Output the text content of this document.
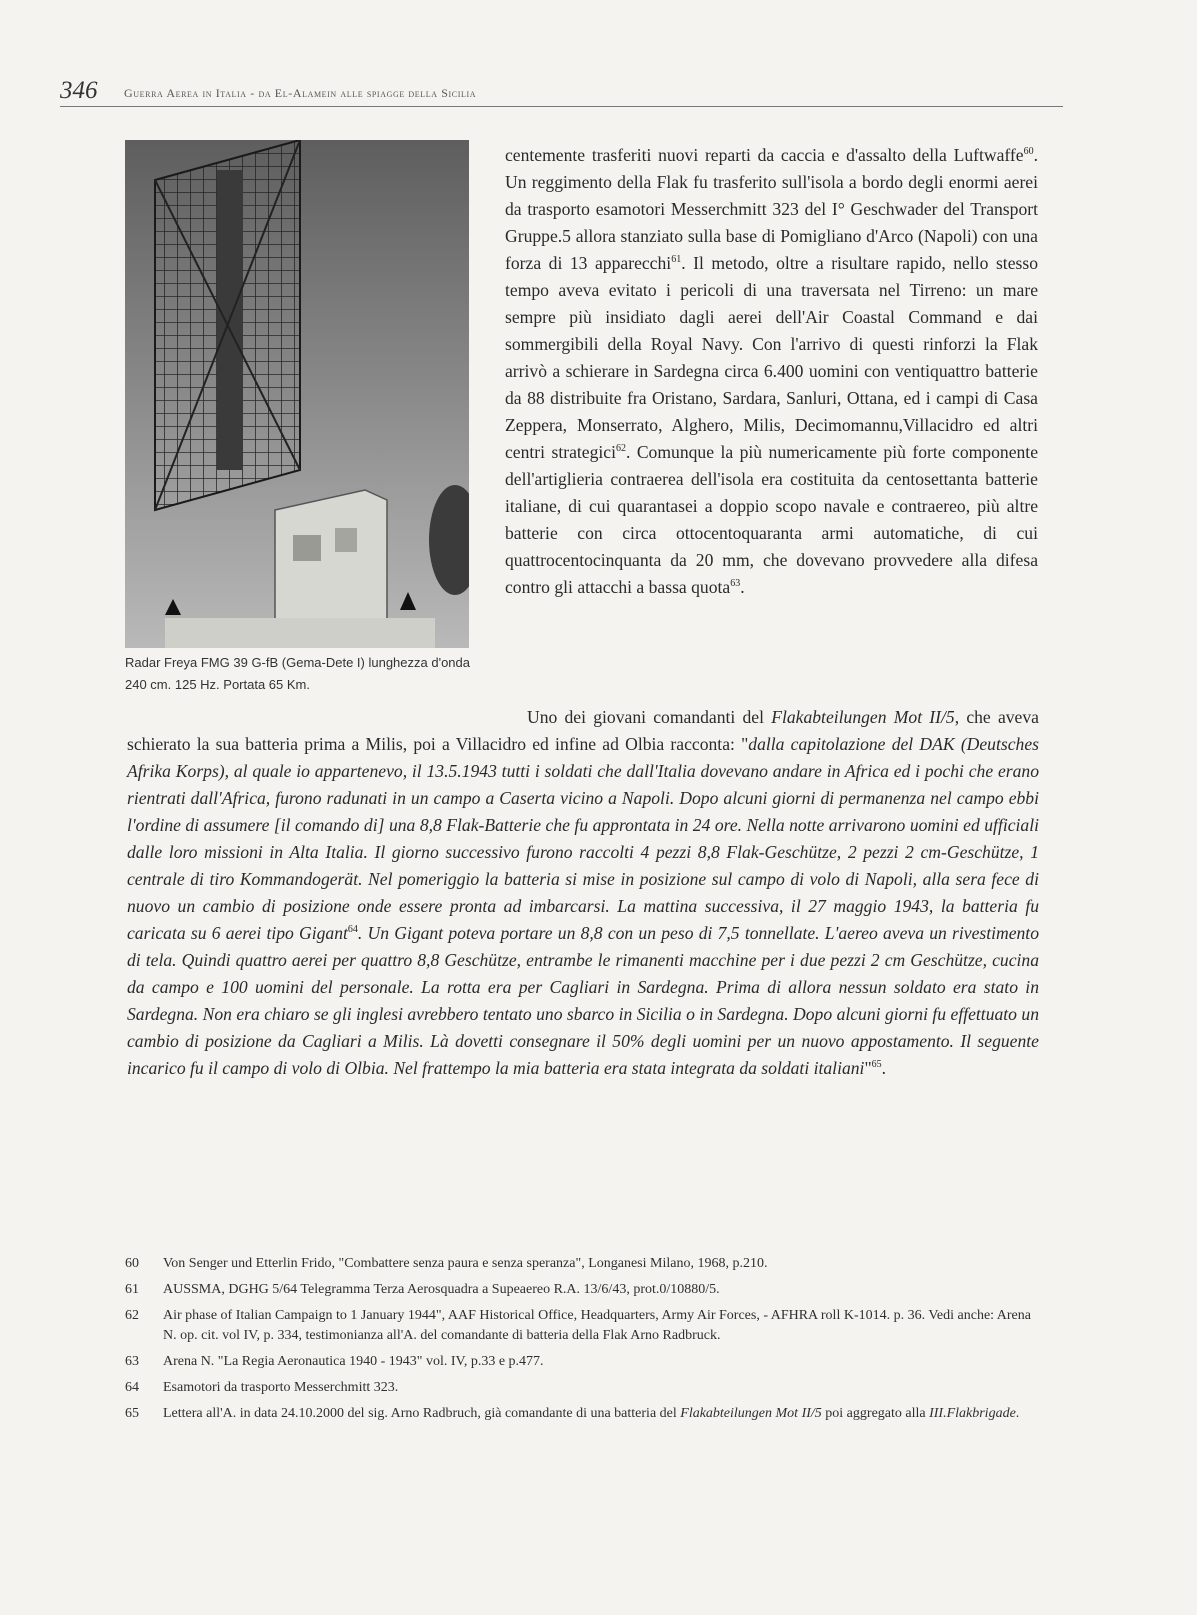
346 Guerra Aerea in Italia - da El-Alamein alle spiagge della Sicilia
Radar Freya FMG 39 G-fB (Gema-Dete I) lunghezza d'onda 240 cm. 125 Hz. Portata 65 Km.

centemente trasferiti nuovi reparti da caccia e d'assalto della Luftwaffe$^{60}$. Un reggimento della Flak fu trasferito sull'isola a bordo degli enormi aerei da trasporto esamotori Messerchmitt 323 del I° Geschwader del Transport Gruppe.5 allora stanziato sulla base di Pomigliano d'Arco (Napoli) con una forza di 13 apparecchi$^{61}$. Il metodo, oltre a risultare rapido, nello stesso tempo aveva evitato i pericoli di una traversata nel Tirreno: un mare sempre più insidiato dagli aerei dell'Air Coastal Command e dai sommergibili della Royal Navy. Con l'arrivo di questi rinforzi la Flak arrivò a schierare in Sardegna circa 6.400 uomini con ventiquattro batterie da 88 distribuite fra Oristano, Sardara, Sanluri, Ottana, ed i campi di Casa Zeppera, Monserrato, Alghero, Milis, Decimomannu,Villacidro ed altri centri strategici$^{62}$. Comunque la più numericamente più forte componente dell'artiglieria contraerea dell'isola era costituita da centosettanta batterie italiane, di cui quarantasei a doppio scopo navale e contraereo, più altre batterie con circa ottocentoquaranta armi automatiche, di cui quattrocentocinquanta da 20 mm, che dovevano provvedere alla difesa contro gli attacchi a bassa quota$^{63}$.

Uno dei giovani comandanti del Flakabteilungen Mot II/5, che aveva schierato la sua batteria prima a Milis, poi a Villacidro ed infine ad Olbia racconta: "dalla capitolazione del DAK (Deutsches Afrika Korps), al quale io appartenevo, il 13.5.1943 tutti i soldati che dall'Italia dovevano andare in Africa ed i pochi che erano rientrati dall'Africa, furono radunati in un campo a Caserta vicino a Napoli. Dopo alcuni giorni di permanenza nel campo ebbi l'ordine di assumere [il comando di] una 8,8 Flak-Batterie che fu approntata in 24 ore. Nella notte arrivarono uomini ed ufficiali dalle loro missioni in Alta Italia. Il giorno successivo furono raccolti 4 pezzi 8,8 Flak-Geschütze, 2 pezzi 2 cm-Geschütze, 1 centrale di tiro Kommandogerät. Nel pomeriggio la batteria si mise in posizione sul campo di volo di Napoli, alla sera fece di nuovo un cambio di posizione onde essere pronta ad imbarcarsi. La mattina successiva, il 27 maggio 1943, la batteria fu caricata su 6 aerei tipo Gigant$^{64}$. Un Gigant poteva portare un 8,8 con un peso di 7,5 tonnellate. L'aereo aveva un rivestimento di tela. Quindi quattro aerei per quattro 8,8 Geschütze, entrambe le rimanenti macchine per i due pezzi 2 cm Geschütze, cucina da campo e 100 uomini del personale. La rotta era per Cagliari in Sardegna. Prima di allora nessun soldato era stato in Sardegna. Non era chiaro se gli inglesi avrebbero tentato uno sbarco in Sicilia o in Sardegna. Dopo alcuni giorni fu effettuato un cambio di posizione da Cagliari a Milis. Là dovetti consegnare il 50% degli uomini per un nuovo appostamento. Il seguente incarico fu il campo di volo di Olbia. Nel frattempo la mia batteria era stata integrata da soldati italiani"$^{65}$.

60	Von Senger und Etterlin Frido, "Combattere senza paura e senza speranza", Longanesi Milano, 1968, p.210.
61	AUSSMA, DGHG 5/64 Telegramma Terza Aerosquadra a Supeaereo R.A. 13/6/43, prot.0/10880/5.
62	Air phase of Italian Campaign to 1 January 1944", AAF Historical Office, Headquarters, Army Air Forces, - AFHRA roll K-1014. p. 36. Vedi anche: Arena N. op. cit. vol IV, p. 334, testimonianza all'A. del comandante di batteria della Flak Arno Radbruck.
63	Arena N. "La Regia Aeronautica 1940 - 1943" vol. IV, p.33 e p.477.
64	Esamotori da trasporto Messerchmitt 323.
65	Lettera all'A. in data 24.10.2000 del sig. Arno Radbruch, già comandante di una batteria del Flakabteilungen Mot II/5 poi aggregato alla III.Flakbrigade.
